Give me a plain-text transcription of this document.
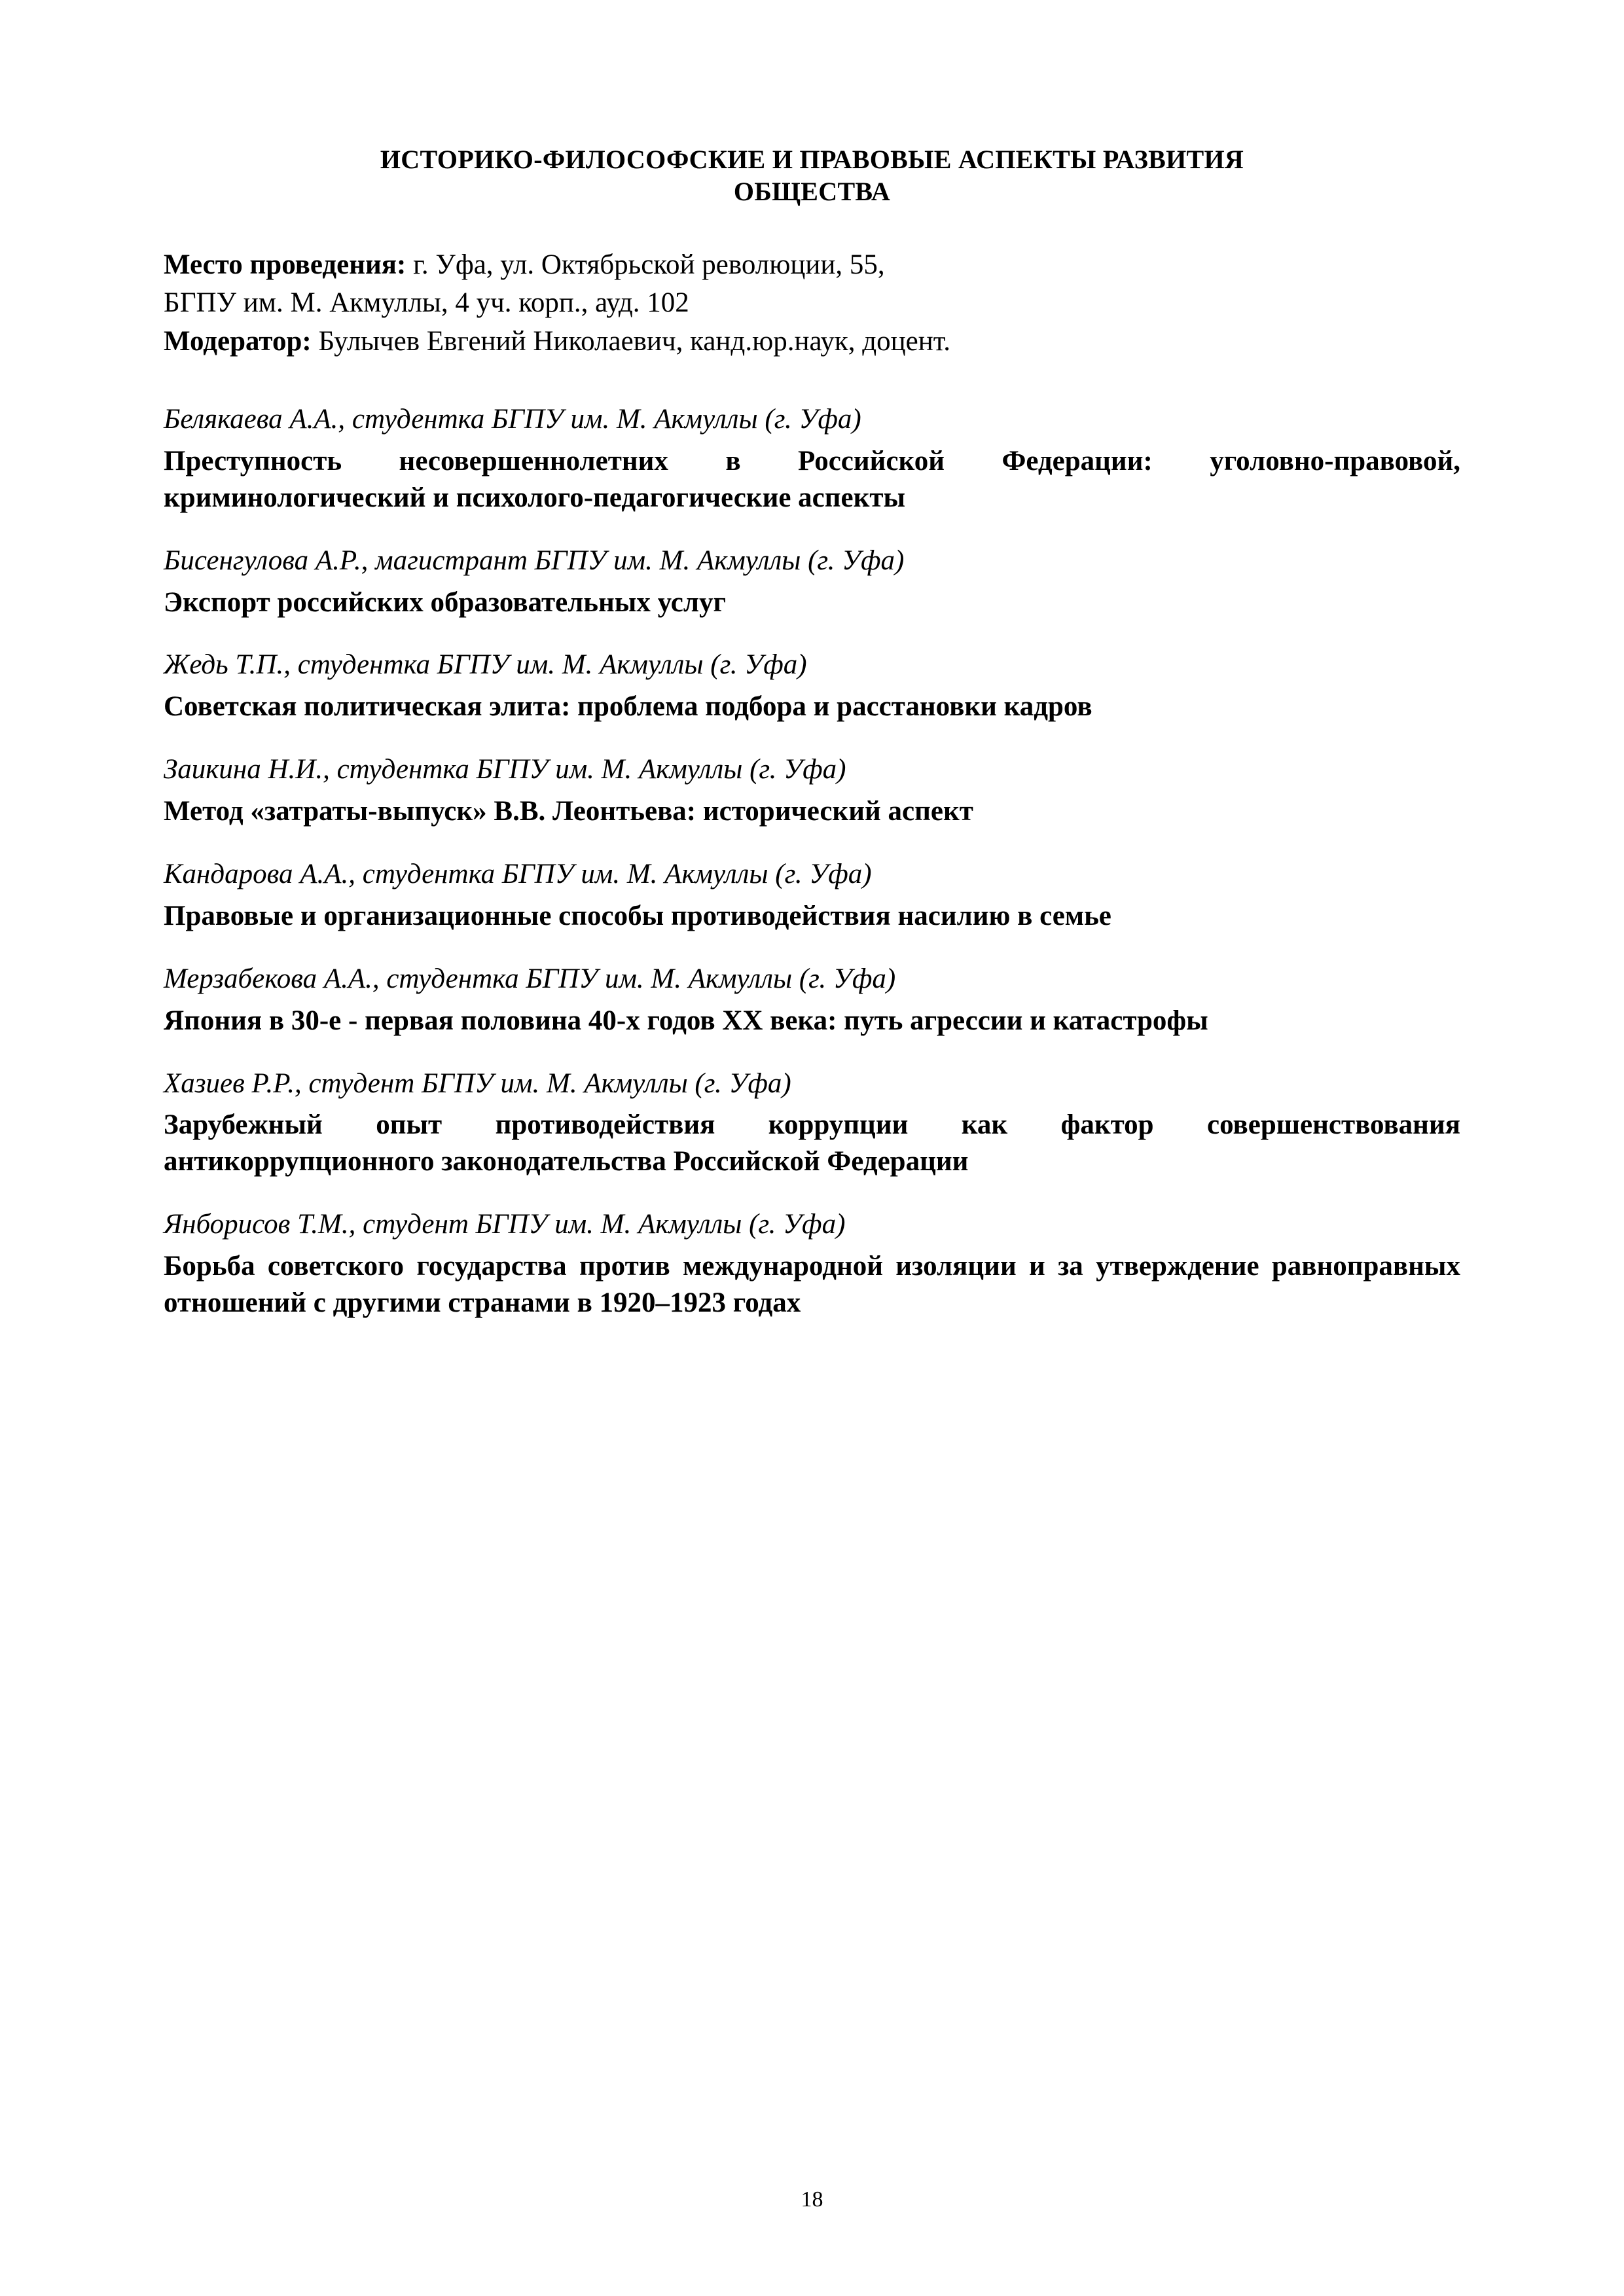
ИСТОРИКО-ФИЛОСОФСКИЕ И ПРАВОВЫЕ АСПЕКТЫ РАЗВИТИЯ
ОБЩЕСТВА
Место проведения: г. Уфа, ул. Октябрьской революции, 55,
БГПУ им. М. Акмуллы, 4 уч. корп., ауд. 102
Модератор: Булычев Евгений Николаевич, канд.юр.наук, доцент.
Белякаева А.А., студентка БГПУ им. М. Акмуллы (г. Уфа)
Преступность несовершеннолетних в Российской Федерации: уголовно-правовой, криминологический и психолого-педагогические аспекты
Бисенгулова А.Р., магистрант БГПУ им. М. Акмуллы (г. Уфа)
Экспорт российских образовательных услуг
Жедь Т.П., студентка БГПУ им. М. Акмуллы (г. Уфа)
Советская политическая элита: проблема подбора и расстановки кадров
Заикина Н.И., студентка БГПУ им. М. Акмуллы (г. Уфа)
Метод «затраты-выпуск» В.В. Леонтьева: исторический аспект
Кандарова А.А., студентка БГПУ им. М. Акмуллы (г. Уфа)
Правовые и организационные способы противодействия насилию в семье
Мерзабекова А.А., студентка БГПУ им. М. Акмуллы (г. Уфа)
Япония в 30-е - первая половина 40-х годов XX века: путь агрессии и катастрофы
Хазиев Р.Р., студент БГПУ им. М. Акмуллы (г. Уфа)
Зарубежный опыт противодействия коррупции как фактор совершенствования антикоррупционного законодательства Российской Федерации
Янборисов Т.М., студент БГПУ им. М. Акмуллы (г. Уфа)
Борьба советского государства против международной изоляции и за утверждение равноправных отношений с другими странами в 1920–1923 годах
18
